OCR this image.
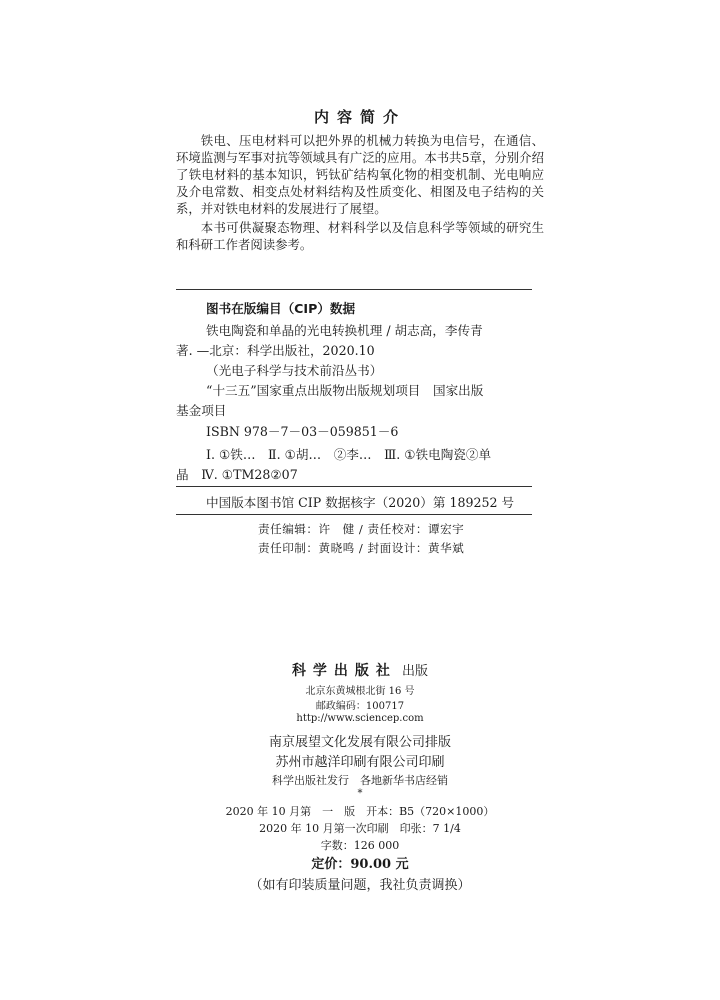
内容简介
铁电、压电材料可以把外界的机械力转换为电信号，在通信、环境监测与军事对抗等领域具有广泛的应用。本书共5章，分别介绍了铁电材料的基本知识，钙钛矿结构氧化物的相变机制、光电响应及介电常数、相变点处材料结构及性质变化、相图及电子结构的关系，并对铁电材料的发展进行了展望。
本书可供凝聚态物理、材料科学以及信息科学等领域的研究生和科研工作者阅读参考。
图书在版编目（CIP）数据
铁电陶瓷和单晶的光电转换机理 / 胡志高，李传青
著. —北京：科学出版社，2020.10
（光电子科学与技术前沿丛书）
“十三五”国家重点出版物出版规划项目　国家出版
基金项目
ISBN 978－7－03－059851－6
Ⅰ. ①铁…　Ⅱ. ①胡…　②李…　Ⅲ. ①铁电陶瓷②单
晶　Ⅳ. ①TM28②07
中国版本图书馆 CIP 数据核字（2020）第 189252 号
责任编辑：许　健 / 责任校对：谭宏宇
责任印制：黄晓鸣 / 封面设计：黄华斌
科学出版社 出版
北京东黄城根北街 16 号
邮政编码：100717
http://www.sciencep.com
南京展望文化发展有限公司排版
苏州市越洋印刷有限公司印刷
科学出版社发行　各地新华书店经销
*
2020 年 10 月第　一　版　开本：B5（720×1000）
2020 年 10 月第一次印刷　印张：7 1/4
字数：126 000
定价：90.00 元
（如有印装质量问题，我社负责调换）
